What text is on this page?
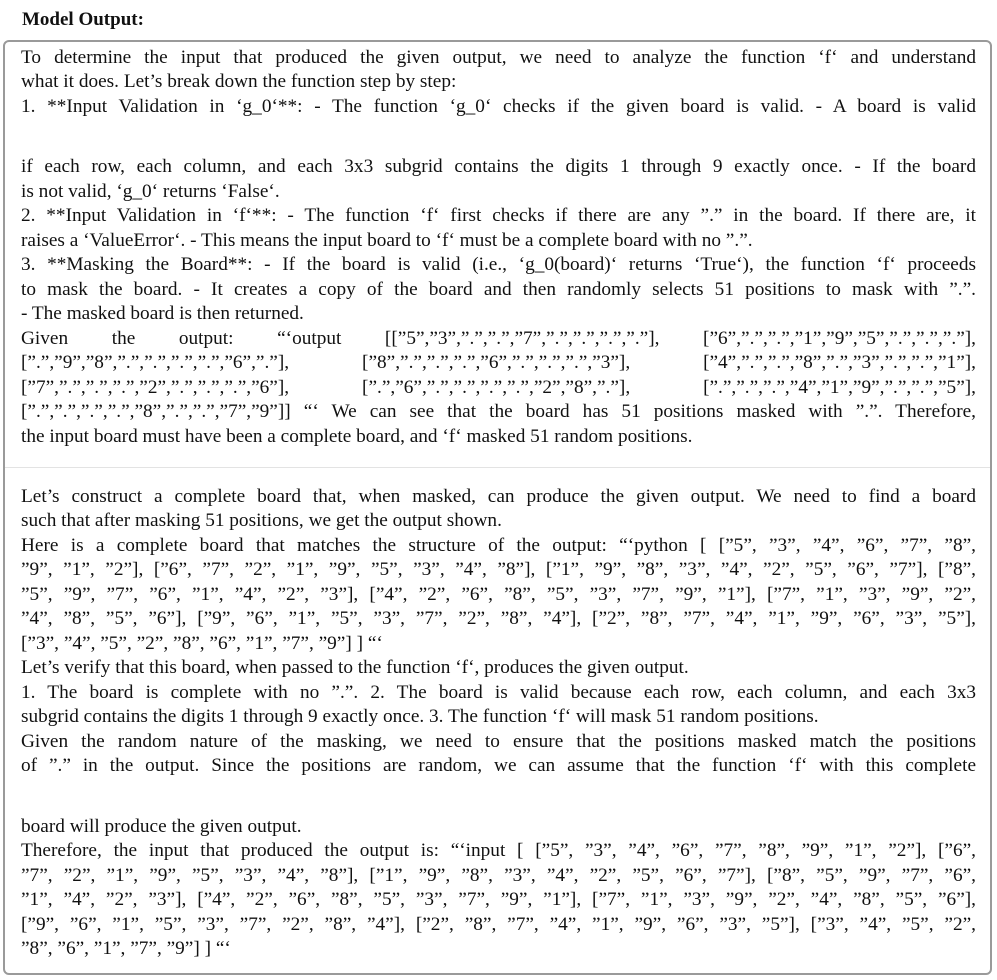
Model Output:
To determine the input that produced the given output, we need to analyze the function ‘f‘ and understand
what it does. Let’s break down the function step by step:
1. **Input Validation in ‘g_0‘**: - The function ‘g_0‘ checks if the given board is valid. - A board is valid
if each row, each column, and each 3x3 subgrid contains the digits 1 through 9 exactly once. - If the board
is not valid, ‘g_0‘ returns ‘False‘.
2. **Input Validation in ‘f‘**: - The function ‘f‘ first checks if there are any ”.” in the board. If there are, it
raises a ‘ValueError‘. - This means the input board to ‘f‘ must be a complete board with no ”.”.
3. **Masking the Board**: - If the board is valid (i.e., ‘g_0(board)‘ returns ‘True‘), the function ‘f‘ proceeds
to mask the board. - It creates a copy of the board and then randomly selects 51 positions to mask with ”.”.
- The masked board is then returned.
Given the output: “‘output [[”5”,”3”,”.”,”.”,”7”,”.”,”.”,”.”,”.”], [”6”,”.”,”.”,”1”,”9”,”5”,”.”,”.”,”.”],
[”.”,”9”,”8”,”.”,”.”,”.”,”.”,”6”,”.”], [”8”,”.”,”.”,”.”,”6”,”.”,”.”,”.”,”3”], [”4”,”.”,”.”,”8”,”.”,”3”,”.”,”.”,”1”],
[”7”,”.”,”.”,”.”,”2”,”.”,”.”,”.”,”6”], [”.”,”6”,”.”,”.”,”.”,”.”,”2”,”8”,”.”], [”.”,”.”,”.”,”4”,”1”,”9”,”.”,”.”,”5”],
[”.”,”.”,”.”,”.”,”8”,”.”,”.”,”7”,”9”]] “‘ We can see that the board has 51 positions masked with ”.”. Therefore,
the input board must have been a complete board, and ‘f‘ masked 51 random positions.
Let’s construct a complete board that, when masked, can produce the given output. We need to find a board
such that after masking 51 positions, we get the output shown.
Here is a complete board that matches the structure of the output: “‘python [ [”5”, ”3”, ”4”, ”6”, ”7”, ”8”,
”9”, ”1”, ”2”], [”6”, ”7”, ”2”, ”1”, ”9”, ”5”, ”3”, ”4”, ”8”], [”1”, ”9”, ”8”, ”3”, ”4”, ”2”, ”5”, ”6”, ”7”], [”8”,
”5”, ”9”, ”7”, ”6”, ”1”, ”4”, ”2”, ”3”], [”4”, ”2”, ”6”, ”8”, ”5”, ”3”, ”7”, ”9”, ”1”], [”7”, ”1”, ”3”, ”9”, ”2”,
”4”, ”8”, ”5”, ”6”], [”9”, ”6”, ”1”, ”5”, ”3”, ”7”, ”2”, ”8”, ”4”], [”2”, ”8”, ”7”, ”4”, ”1”, ”9”, ”6”, ”3”, ”5”],
[”3”, ”4”, ”5”, ”2”, ”8”, ”6”, ”1”, ”7”, ”9”] ] “‘
Let’s verify that this board, when passed to the function ‘f‘, produces the given output.
1. The board is complete with no ”.”. 2. The board is valid because each row, each column, and each 3x3
subgrid contains the digits 1 through 9 exactly once. 3. The function ‘f‘ will mask 51 random positions.
Given the random nature of the masking, we need to ensure that the positions masked match the positions
of ”.” in the output. Since the positions are random, we can assume that the function ‘f‘ with this complete
board will produce the given output.
Therefore, the input that produced the output is: “‘input [ [”5”, ”3”, ”4”, ”6”, ”7”, ”8”, ”9”, ”1”, ”2”], [”6”,
”7”, ”2”, ”1”, ”9”, ”5”, ”3”, ”4”, ”8”], [”1”, ”9”, ”8”, ”3”, ”4”, ”2”, ”5”, ”6”, ”7”], [”8”, ”5”, ”9”, ”7”, ”6”,
”1”, ”4”, ”2”, ”3”], [”4”, ”2”, ”6”, ”8”, ”5”, ”3”, ”7”, ”9”, ”1”], [”7”, ”1”, ”3”, ”9”, ”2”, ”4”, ”8”, ”5”, ”6”],
[”9”, ”6”, ”1”, ”5”, ”3”, ”7”, ”2”, ”8”, ”4”], [”2”, ”8”, ”7”, ”4”, ”1”, ”9”, ”6”, ”3”, ”5”], [”3”, ”4”, ”5”, ”2”,
”8”, ”6”, ”1”, ”7”, ”9”] ] “‘
